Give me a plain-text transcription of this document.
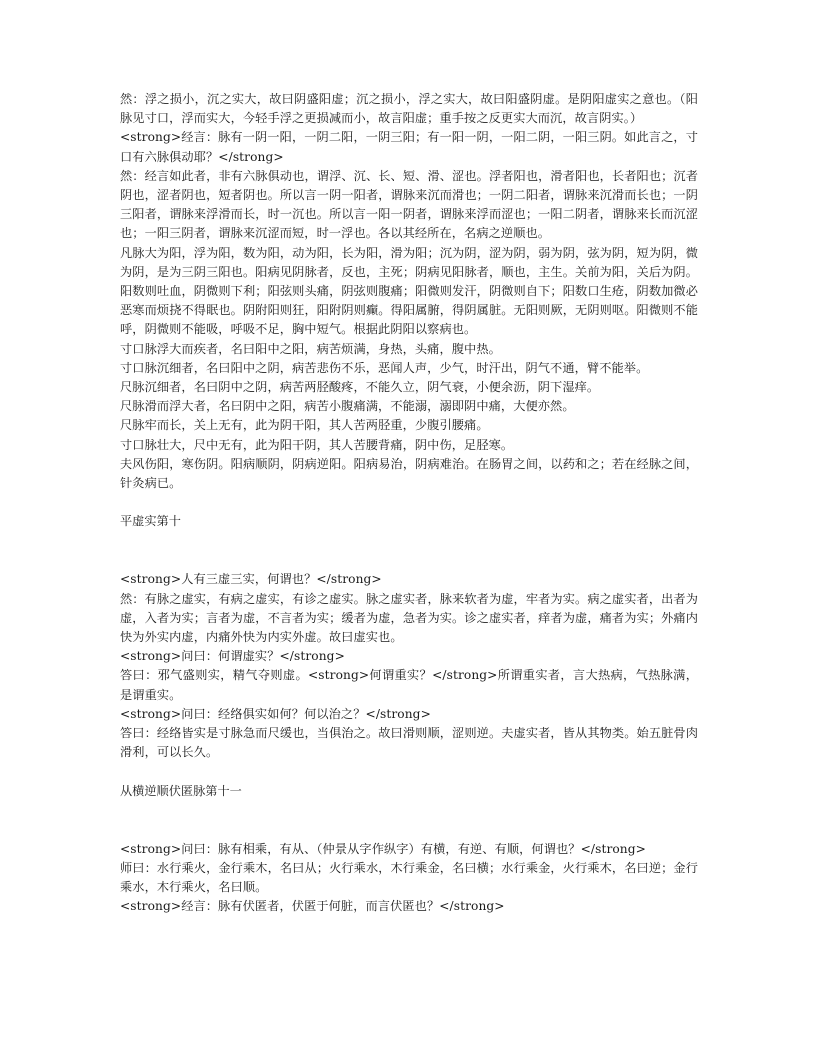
然：浮之损小，沉之实大，故曰阴盛阳虚；沉之损小，浮之实大，故曰阳盛阴虚。是阴阳虚实之意也。（阳脉见寸口，浮而实大，今轻手浮之更损减而小，故言阳虚；重手按之反更实大而沉，故言阴实。）

<strong>经言：脉有一阴一阳，一阴二阳，一阴三阳；有一阳一阴，一阳二阴，一阳三阴。如此言之，寸口有六脉俱动耶？</strong>

然：经言如此者，非有六脉俱动也，谓浮、沉、长、短、滑、涩也。浮者阳也，滑者阳也，长者阳也；沉者阴也，涩者阴也，短者阴也。所以言一阴一阳者，谓脉来沉而滑也；一阴二阳者，谓脉来沉滑而长也；一阴三阳者，谓脉来浮滑而长，时一沉也。所以言一阳一阴者，谓脉来浮而涩也；一阳二阴者，谓脉来长而沉涩也；一阳三阴者，谓脉来沉涩而短，时一浮也。各以其经所在，名病之逆顺也。

凡脉大为阳，浮为阳，数为阳，动为阳，长为阳，滑为阳；沉为阴，涩为阴，弱为阴，弦为阴，短为阴，微为阴，是为三阴三阳也。阳病见阴脉者，反也，主死；阴病见阳脉者，顺也，主生。关前为阳，关后为阴。阳数则吐血，阴微则下利；阳弦则头痛，阴弦则腹痛；阳微则发汗，阴微则自下；阳数口生疮，阴数加微必恶寒而烦挠不得眠也。阴附阳则狂，阳附阴则癫。得阳属腑，得阴属脏。无阳则厥，无阴则呕。阳微则不能呼，阴微则不能吸，呼吸不足，胸中短气。根据此阴阳以察病也。

寸口脉浮大而疾者，名曰阳中之阳，病苦烦满，身热，头痛，腹中热。

寸口脉沉细者，名曰阳中之阴，病苦悲伤不乐，恶闻人声，少气，时汗出，阴气不通，臂不能举。

尺脉沉细者，名曰阴中之阴，病苦两胫酸疼，不能久立，阴气衰，小便余沥，阴下湿痒。

尺脉滑而浮大者，名曰阴中之阳，病苦小腹痛满，不能溺，溺即阴中痛，大便亦然。

尺脉牢而长，关上无有，此为阴干阳，其人苦两胫重，少腹引腰痛。

寸口脉壮大，尺中无有，此为阳干阴，其人苦腰背痛，阴中伤，足胫寒。

夫风伤阳，寒伤阴。阳病顺阴，阴病逆阳。阳病易治，阴病难治。在肠胃之间，以药和之；若在经脉之间，针灸病已。

平虚实第十

<strong>人有三虚三实，何谓也？</strong>

然：有脉之虚实，有病之虚实，有诊之虚实。脉之虚实者，脉来软者为虚，牢者为实。病之虚实者，出者为虚，入者为实；言者为虚，不言者为实；缓者为虚，急者为实。诊之虚实者，痒者为虚，痛者为实；外痛内快为外实内虚，内痛外快为内实外虚。故曰虚实也。

<strong>问曰：何谓虚实？</strong>

答曰：邪气盛则实，精气夺则虚。<strong>何谓重实？</strong>所谓重实者，言大热病，气热脉满，是谓重实。

<strong>问曰：经络俱实如何？何以治之？</strong>

答曰：经络皆实是寸脉急而尺缓也，当俱治之。故曰滑则顺，涩则逆。夫虚实者，皆从其物类。始五脏骨肉滑利，可以长久。

从横逆顺伏匿脉第十一

<strong>问曰：脉有相乘，有从、（仲景从字作纵字）有横，有逆、有顺，何谓也？</strong>

师曰：水行乘火，金行乘木，名曰从；火行乘水，木行乘金，名曰横；水行乘金，火行乘木，名曰逆；金行乘水，木行乘火，名曰顺。

<strong>经言：脉有伏匿者，伏匿于何脏，而言伏匿也？</strong>
